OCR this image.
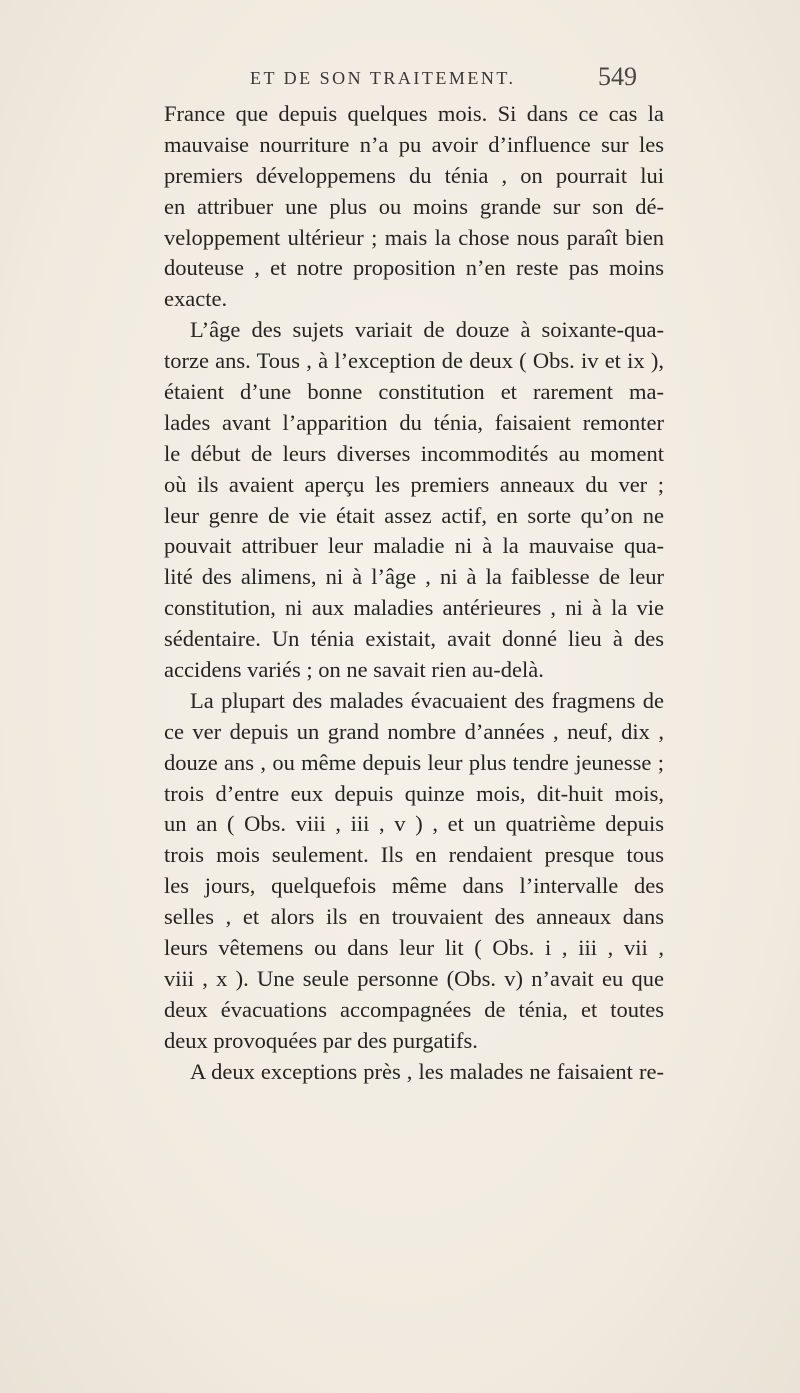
ET DE SON TRAITEMENT.	549
France que depuis quelques mois. Si dans ce cas la
mauvaise nourriture n’a pu avoir d’influence sur les
premiers développemens du ténia , on pourrait lui
en attribuer une plus ou moins grande sur son dé-
veloppement ultérieur ; mais la chose nous paraît bien
douteuse , et notre proposition n’en reste pas moins
exacte.
L’âge des sujets variait de douze à soixante-qua-
torze ans. Tous , à l’exception de deux ( Obs. iv et ix ),
étaient d’une bonne constitution et rarement ma-
lades avant l’apparition du ténia, faisaient remonter
le début de leurs diverses incommodités au moment
où ils avaient aperçu les premiers anneaux du ver ;
leur genre de vie était assez actif, en sorte qu’on ne
pouvait attribuer leur maladie ni à la mauvaise qua-
lité des alimens, ni à l’âge , ni à la faiblesse de leur
constitution, ni aux maladies antérieures , ni à la vie
sédentaire. Un ténia existait, avait donné lieu à des
accidens variés ; on ne savait rien au-delà.
La plupart des malades évacuaient des fragmens de
ce ver depuis un grand nombre d’années , neuf, dix ,
douze ans , ou même depuis leur plus tendre jeunesse ;
trois d’entre eux depuis quinze mois, dit-huit mois,
un an ( Obs. viii , iii , v ) , et un quatrième depuis
trois mois seulement. Ils en rendaient presque tous
les jours, quelquefois même dans l’intervalle des
selles , et alors ils en trouvaient des anneaux dans
leurs vêtemens ou dans leur lit ( Obs. i , iii , vii ,
viii , x ). Une seule personne (Obs. v) n’avait eu que
deux évacuations accompagnées de ténia, et toutes
deux provoquées par des purgatifs.
A deux exceptions près , les malades ne faisaient re-
